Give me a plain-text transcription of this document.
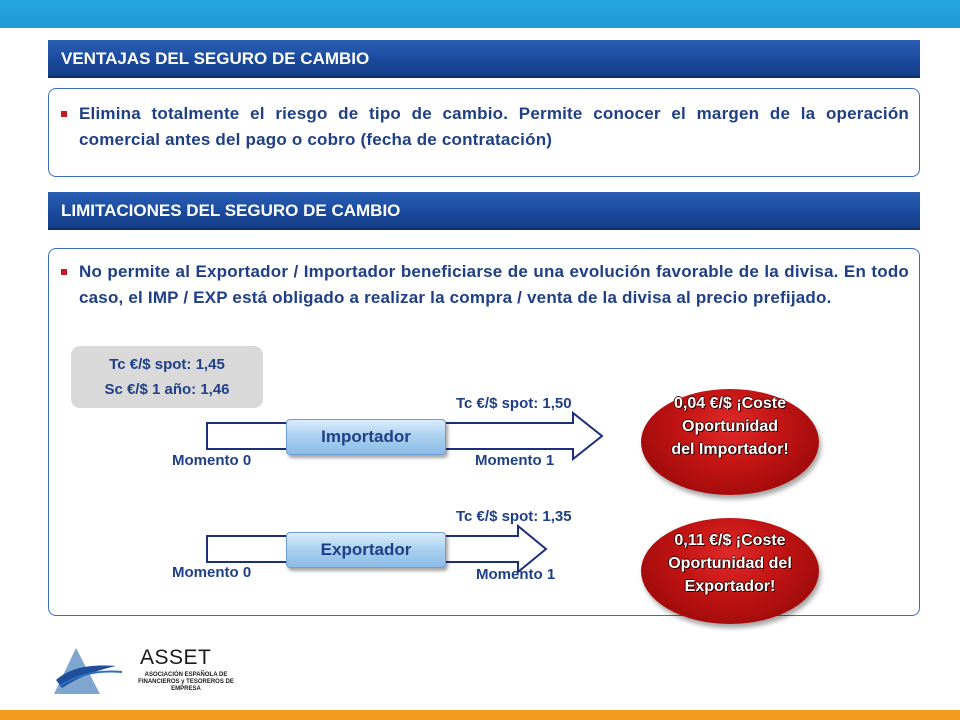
VENTAJAS DEL SEGURO DE CAMBIO
Elimina totalmente el riesgo de tipo de cambio. Permite conocer el margen de la operación comercial antes del pago o cobro (fecha de contratación)
LIMITACIONES DEL SEGURO DE CAMBIO
No permite al Exportador / Importador beneficiarse de una evolución favorable de la divisa. En todo caso, el IMP / EXP está obligado a realizar la compra / venta de la divisa al precio prefijado.
Tc €/$ spot: 1,45
Sc €/$ 1 año: 1,46
Tc €/$ spot: 1,50
Importador
Momento 0	Momento 1
0,04 €/$ ¡Coste
Oportunidad
del Importador!
Tc €/$ spot: 1,35
Exportador
Momento 0	Momento 1
0,11 €/$ ¡Coste
Oportunidad del
Exportador!
ASSET
ASOCIACIÓN ESPAÑOLA DE FINANCIEROS y TESOREROS DE EMPRESA
